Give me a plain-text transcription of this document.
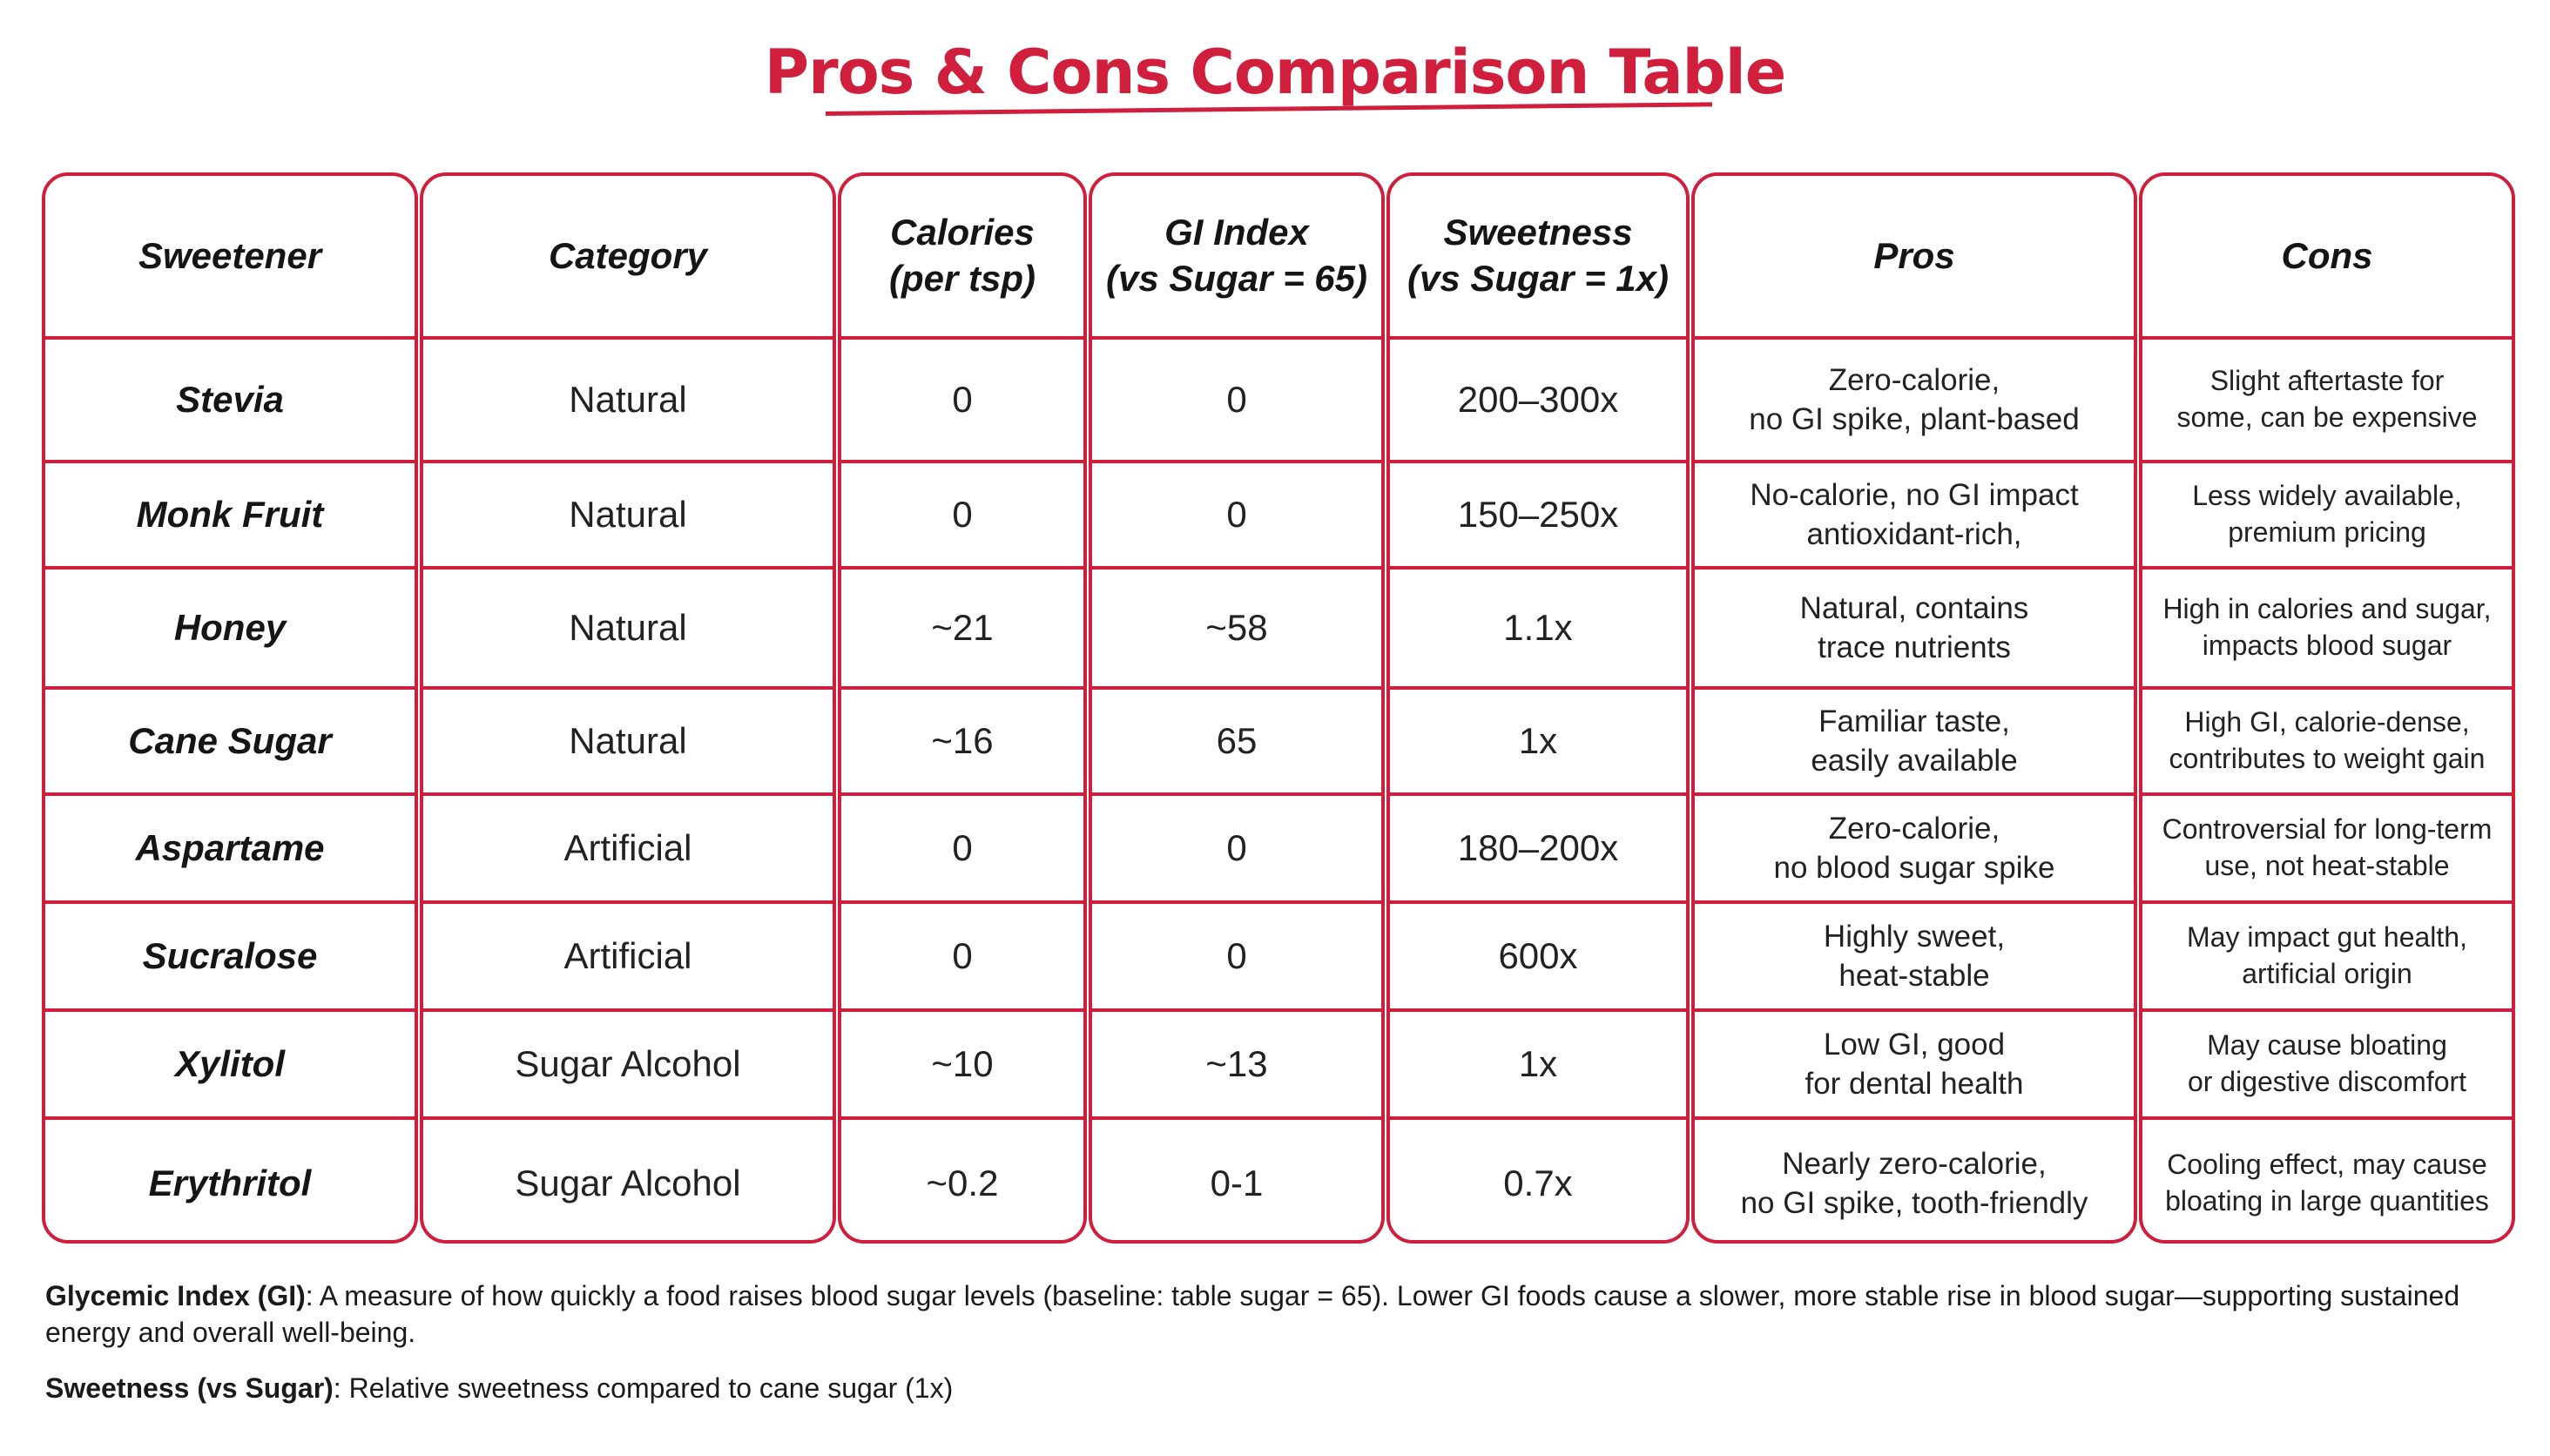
Pros & Cons Comparison Table
Sweetener
Stevia
Monk Fruit
Honey
Cane Sugar
Aspartame
Sucralose
Xylitol
Erythritol
Category
Natural
Natural
Natural
Natural
Artificial
Artificial
Sugar Alcohol
Sugar Alcohol
Calories
(per tsp)
0
0
~21
~16
0
0
~10
~0.2
GI Index
(vs Sugar = 65)
0
0
~58
65
0
0
~13
0-1
Sweetness
(vs Sugar = 1x)
200–300x
150–250x
1.1x
1x
180–200x
600x
1x
0.7x
Pros
Zero-calorie,
no GI spike, plant-based
No-calorie, no GI impact
antioxidant-rich,
Natural, contains
trace nutrients
Familiar taste,
easily available
Zero-calorie,
no blood sugar spike
Highly sweet,
heat-stable
Low GI, good
for dental health
Nearly zero-calorie,
no GI spike, tooth-friendly
Cons
Slight aftertaste for
some, can be expensive
Less widely available,
premium pricing
High in calories and sugar,
impacts blood sugar
High GI, calorie-dense,
contributes to weight gain
Controversial for long-term
use, not heat-stable
May impact gut health,
artificial origin
May cause bloating
or digestive discomfort
Cooling effect, may cause
bloating in large quantities
Glycemic Index (GI): A measure of how quickly a food raises blood sugar levels (baseline: table sugar = 65). Lower GI foods cause a slower, more stable rise in blood sugar—supporting sustained energy and overall well-being.
Sweetness (vs Sugar): Relative sweetness compared to cane sugar (1x)
